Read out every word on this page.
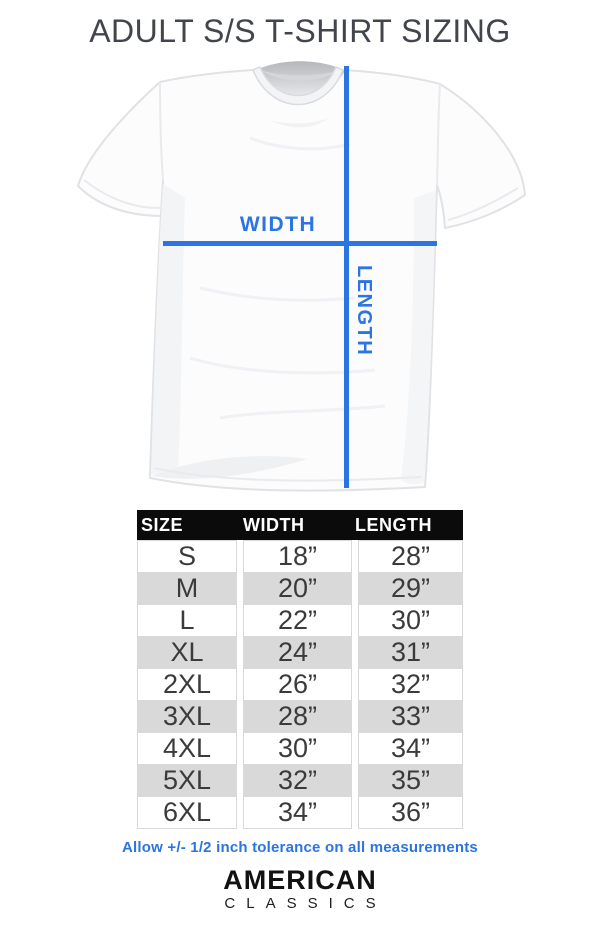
ADULT S/S T-SHIRT SIZING
WIDTH
LENGTH
SIZE	WIDTH	LENGTH
S	18”	28”
M	20”	29”
L	22”	30”
XL	24”	31”
2XL	26”	32”
3XL	28”	33”
4XL	30”	34”
5XL	32”	35”
6XL	34”	36”
Allow +/- 1/2 inch tolerance on all measurements
AMERICAN
CLASSICS
